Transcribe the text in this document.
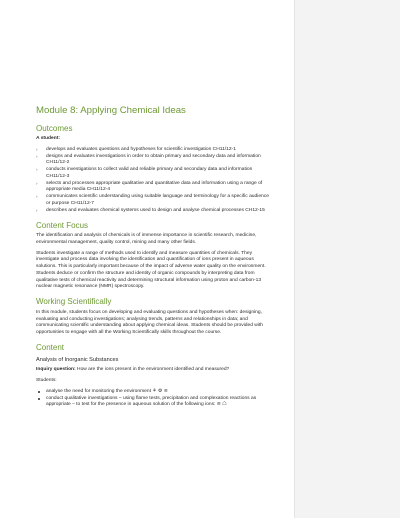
Module 8: Applying Chemical Ideas
Outcomes

A student:

› develops and evaluates questions and hypotheses for scientific investigation CH11/12-1
› designs and evaluates investigations in order to obtain primary and secondary data and information CH11/12-2
› conducts investigations to collect valid and reliable primary and secondary data and information CH11/12-3
› selects and processes appropriate qualitative and quantitative data and information using a range of appropriate media CH11/12-4
› communicates scientific understanding using suitable language and terminology for a specific audience or purpose CH11/12-7
› describes and evaluates chemical systems used to design and analyse chemical processes CH12-15
Content Focus

The identification and analysis of chemicals is of immense importance in scientific research, medicine, environmental management, quality control, mining and many other fields.

Students investigate a range of methods used to identify and measure quantities of chemicals. They investigate and process data involving the identification and quantification of ions present in aqueous solutions. This is particularly important because of the impact of adverse water quality on the environment. Students deduce or confirm the structure and identity of organic compounds by interpreting data from qualitative tests of chemical reactivity and determining structural information using proton and carbon-13 nuclear magnetic resonance (NMR) spectroscopy.

Working Scientifically

In this module, students focus on developing and evaluating questions and hypotheses when: designing, evaluating and conducting investigations; analysing trends, patterns and relationships in data; and communicating scientific understanding about applying chemical ideas. Students should be provided with opportunities to engage with all the Working Scientifically skills throughout the course.

Content
Analysis of Inorganic Substances

Inquiry question: How are the ions present in the environment identified and measured?

Students:

analyse the need for monitoring the environment ⚘ ⚙ ≋
conduct qualitative investigations – using flame tests, precipitation and complexation reactions as appropriate – to test for the presence in aqueous solution of the following ions: ≋ ☖
